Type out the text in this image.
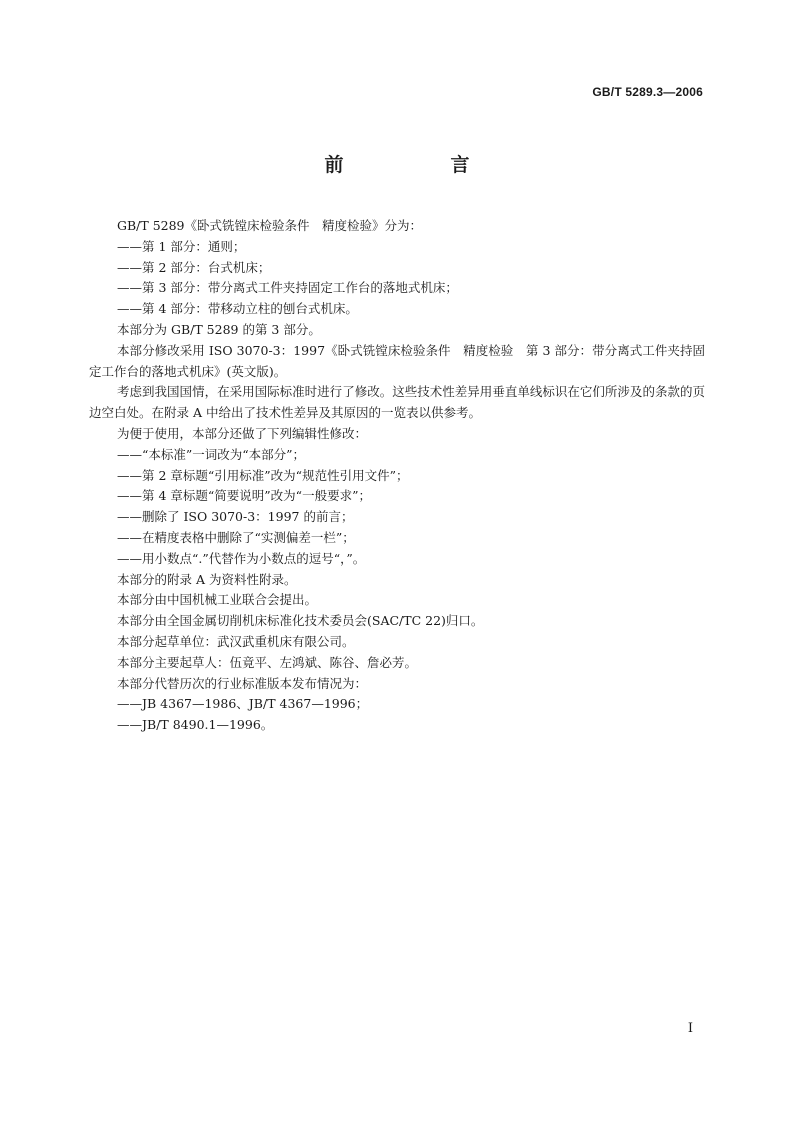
GB/T 5289.3—2006
前　言

GB/T 5289《卧式铣镗床检验条件　精度检验》分为：

——第 1 部分：通则；

——第 2 部分：台式机床；

——第 3 部分：带分离式工件夹持固定工作台的落地式机床；

——第 4 部分：带移动立柱的刨台式机床。

本部分为 GB/T 5289 的第 3 部分。

本部分修改采用 ISO 3070-3：1997《卧式铣镗床检验条件　精度检验　第 3 部分：带分离式工件夹持固定工作台的落地式机床》(英文版)。

考虑到我国国情，在采用国际标准时进行了修改。这些技术性差异用垂直单线标识在它们所涉及的条款的页边空白处。在附录 A 中给出了技术性差异及其原因的一览表以供参考。

为便于使用，本部分还做了下列编辑性修改：

——“本标准”一词改为“本部分”；

——第 2 章标题“引用标准”改为“规范性引用文件”；

——第 4 章标题“简要说明”改为“一般要求”；

——删除了 ISO 3070-3：1997 的前言；

——在精度表格中删除了“实测偏差一栏”；

——用小数点“.”代替作为小数点的逗号“，”。

本部分的附录 A 为资料性附录。

本部分由中国机械工业联合会提出。

本部分由全国金属切削机床标准化技术委员会(SAC/TC 22)归口。

本部分起草单位：武汉武重机床有限公司。

本部分主要起草人：伍竟平、左鸿斌、陈谷、詹必芳。

本部分代替历次的行业标准版本发布情况为：

——JB 4367—1986、JB/T 4367—1996；

——JB/T 8490.1—1996。

I
